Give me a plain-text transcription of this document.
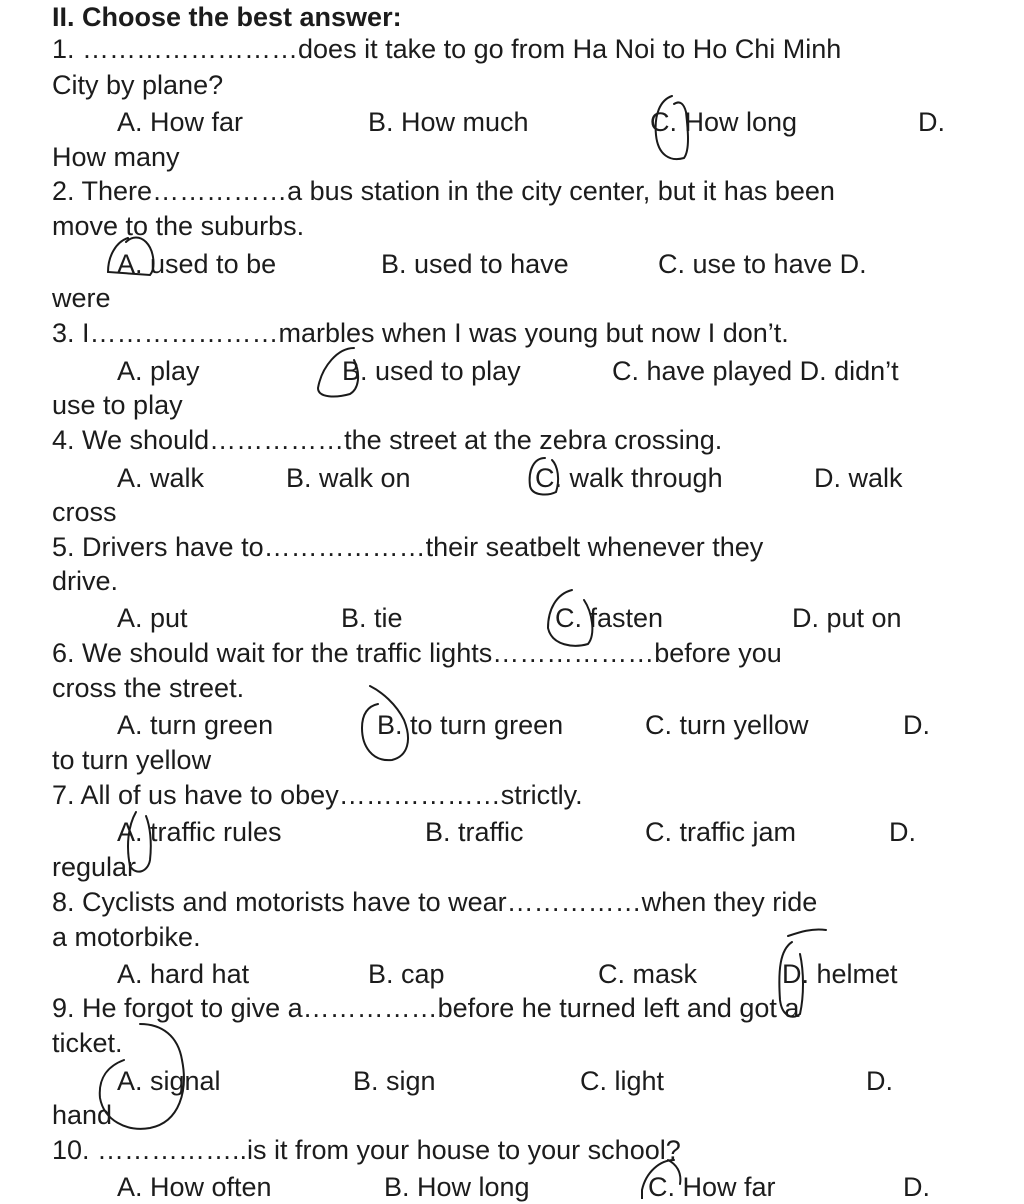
II. Choose the best answer:
1. ……………………does it take to go from Ha Noi to Ho Chi Minh
City by plane?
A. How far	B. How much	C. How long	D.
How many
2. There……………a bus station in the city center, but it has been
move to the suburbs.
A. used to be	B. used to have	C. use to have D.
were
3. I…………………marbles when I was young but now I don’t.
A. play	B. used to play	C. have played D. didn’t
use to play
4. We should……………the street at the zebra crossing.
A. walk	B. walk on	C. walk through	D. walk
cross
5. Drivers have to………………their seatbelt whenever they
drive.
A. put	B. tie	C. fasten	D. put on
6. We should wait for the traffic lights………………before you
cross the street.
A. turn green	B. to turn green	C. turn yellow	D.
to turn yellow
7. All of us have to obey………………strictly.
A. traffic rules	B. traffic	C. traffic jam	D.
regular
8. Cyclists and motorists have to wear……………when they ride
a motorbike.
A. hard hat	B. cap	C. mask	D. helmet
9. He forgot to give a……………before he turned left and got a
ticket.
A. signal	B. sign	C. light	D.
hand
10. ……………..is it from your house to your school?
A. How often	B. How long	C. How far	D.
